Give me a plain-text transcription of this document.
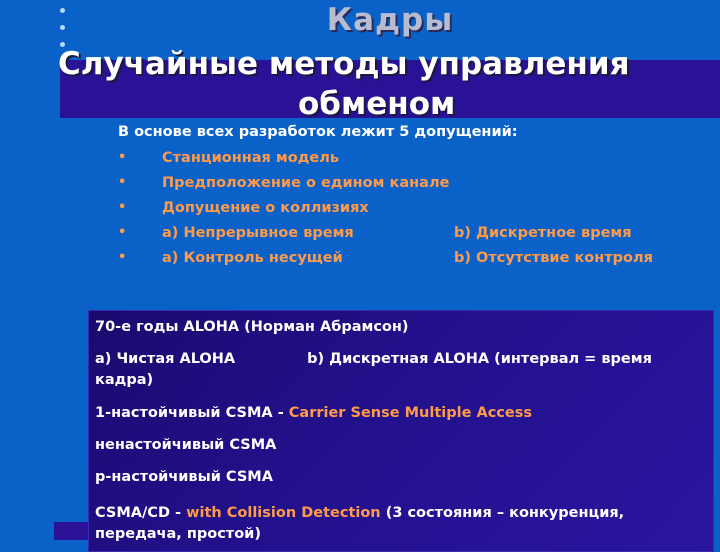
Кадры
Случайные методы управления
обменом
В основе всех разработок лежит 5 допущений:
• Станционная модель
• Предположение о едином канале
• Допущение о коллизиях
• a) Непрерывное время	b) Дискретное время
• a) Контроль несущей	b) Отсутствие контроля
70-е годы ALOHA (Норман Абрамсон)
а) Чистая ALOHA	b) Дискретная ALOHA (интервал = время кадра)
1-настойчивый CSMA - Carrier Sense Multiple Access
ненастойчивый CSMA
p-настойчивый CSMA
CSMA/CD - with Collision Detection (3 состояния – конкуренция, передача, простой)
